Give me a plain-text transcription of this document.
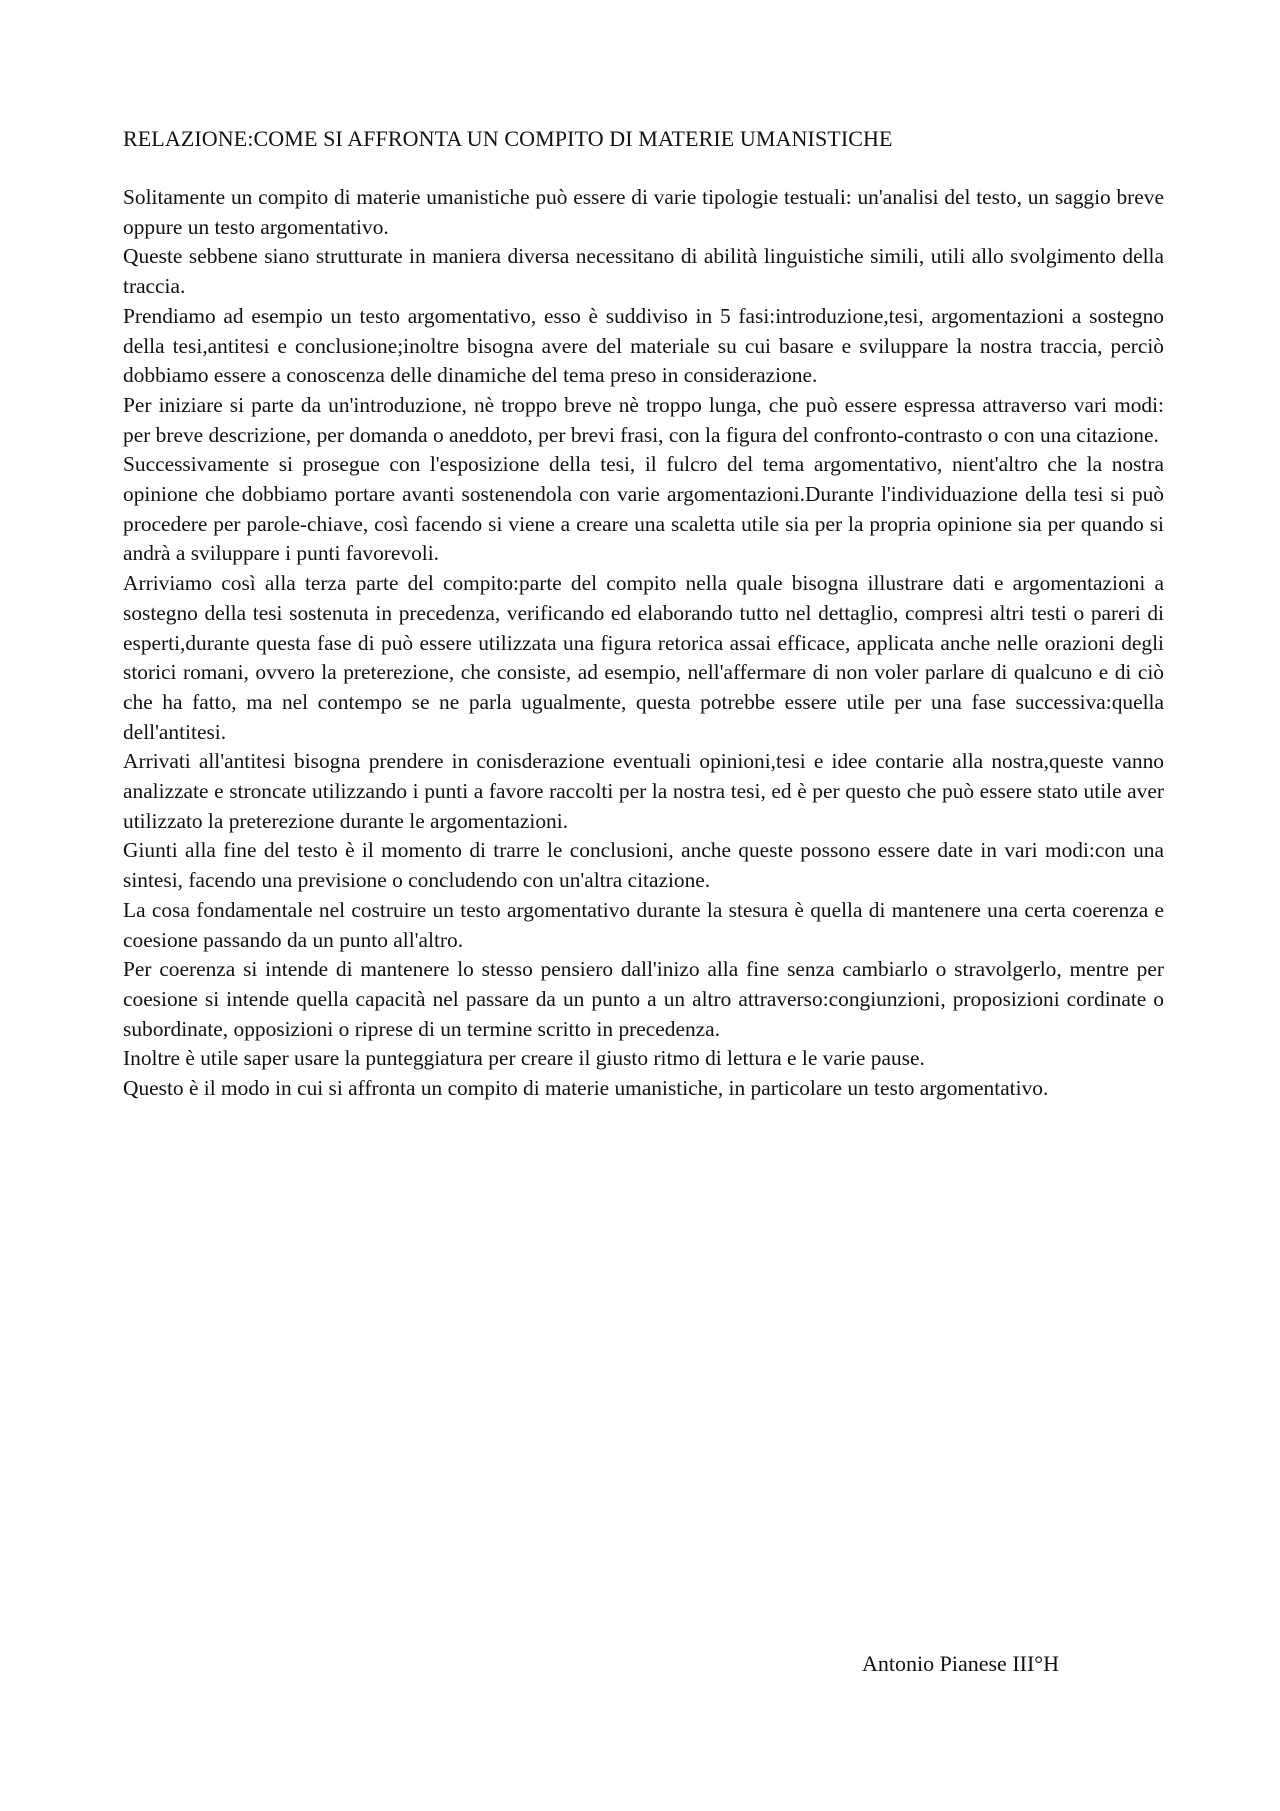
RELAZIONE:COME SI AFFRONTA UN COMPITO DI MATERIE UMANISTICHE

Solitamente un compito di materie umanistiche può essere di varie tipologie testuali: un'analisi del testo, un saggio breve oppure un testo argomentativo.

Queste sebbene siano strutturate in maniera diversa necessitano di abilità linguistiche simili, utili allo svolgimento della traccia.

Prendiamo ad esempio un testo argomentativo, esso è suddiviso in 5 fasi:introduzione,tesi, argomentazioni a sostegno della tesi,antitesi e conclusione;inoltre bisogna avere del materiale su cui basare e sviluppare la nostra traccia, perciò dobbiamo essere a conoscenza delle dinamiche del tema preso in considerazione.

Per iniziare si parte da un'introduzione, nè troppo breve nè troppo lunga, che può essere espressa attraverso vari modi: per breve descrizione, per domanda o aneddoto, per brevi frasi, con la figura del confronto-contrasto o con una citazione.

Successivamente si prosegue con l'esposizione della tesi, il fulcro del tema argomentativo, nient'altro che la nostra opinione che dobbiamo portare avanti sostenendola con varie argomentazioni.Durante l'individuazione della tesi si può procedere per parole-chiave, così facendo si viene a creare una scaletta utile sia per la propria opinione sia per quando si andrà a sviluppare i punti favorevoli.

Arriviamo così alla terza parte del compito:parte del compito nella quale bisogna illustrare dati e argomentazioni a sostegno della tesi sostenuta in precedenza, verificando ed elaborando tutto nel dettaglio, compresi altri testi o pareri di esperti,durante questa fase di può essere utilizzata una figura retorica assai efficace, applicata anche nelle orazioni degli storici romani, ovvero la preterezione, che consiste, ad esempio, nell'affermare di non voler parlare di qualcuno e di ciò che ha fatto, ma nel contempo se ne parla ugualmente, questa potrebbe essere utile per una fase successiva:quella dell'antitesi.

Arrivati all'antitesi bisogna prendere in conisderazione eventuali opinioni,tesi e idee contarie alla nostra,queste vanno analizzate e stroncate utilizzando i punti a favore raccolti per la nostra tesi, ed è per questo che può essere stato utile aver utilizzato la preterezione durante le argomentazioni.

Giunti alla fine del testo è il momento di trarre le conclusioni, anche queste possono essere date in vari modi:con una sintesi, facendo una previsione o concludendo con un'altra citazione.

La cosa fondamentale nel costruire un testo argomentativo durante la stesura è quella di mantenere una certa coerenza e coesione passando da un punto all'altro.

Per coerenza si intende di mantenere lo stesso pensiero dall'inizo alla fine senza cambiarlo o stravolgerlo, mentre per coesione si intende quella capacità nel passare da un punto a un altro attraverso:congiunzioni, proposizioni cordinate o subordinate, opposizioni o riprese di un termine scritto in precedenza.

Inoltre è utile saper usare la punteggiatura per creare il giusto ritmo di lettura e le varie pause.

Questo è il modo in cui si affronta un compito di materie umanistiche, in particolare un testo argomentativo.

Antonio Pianese III°H
